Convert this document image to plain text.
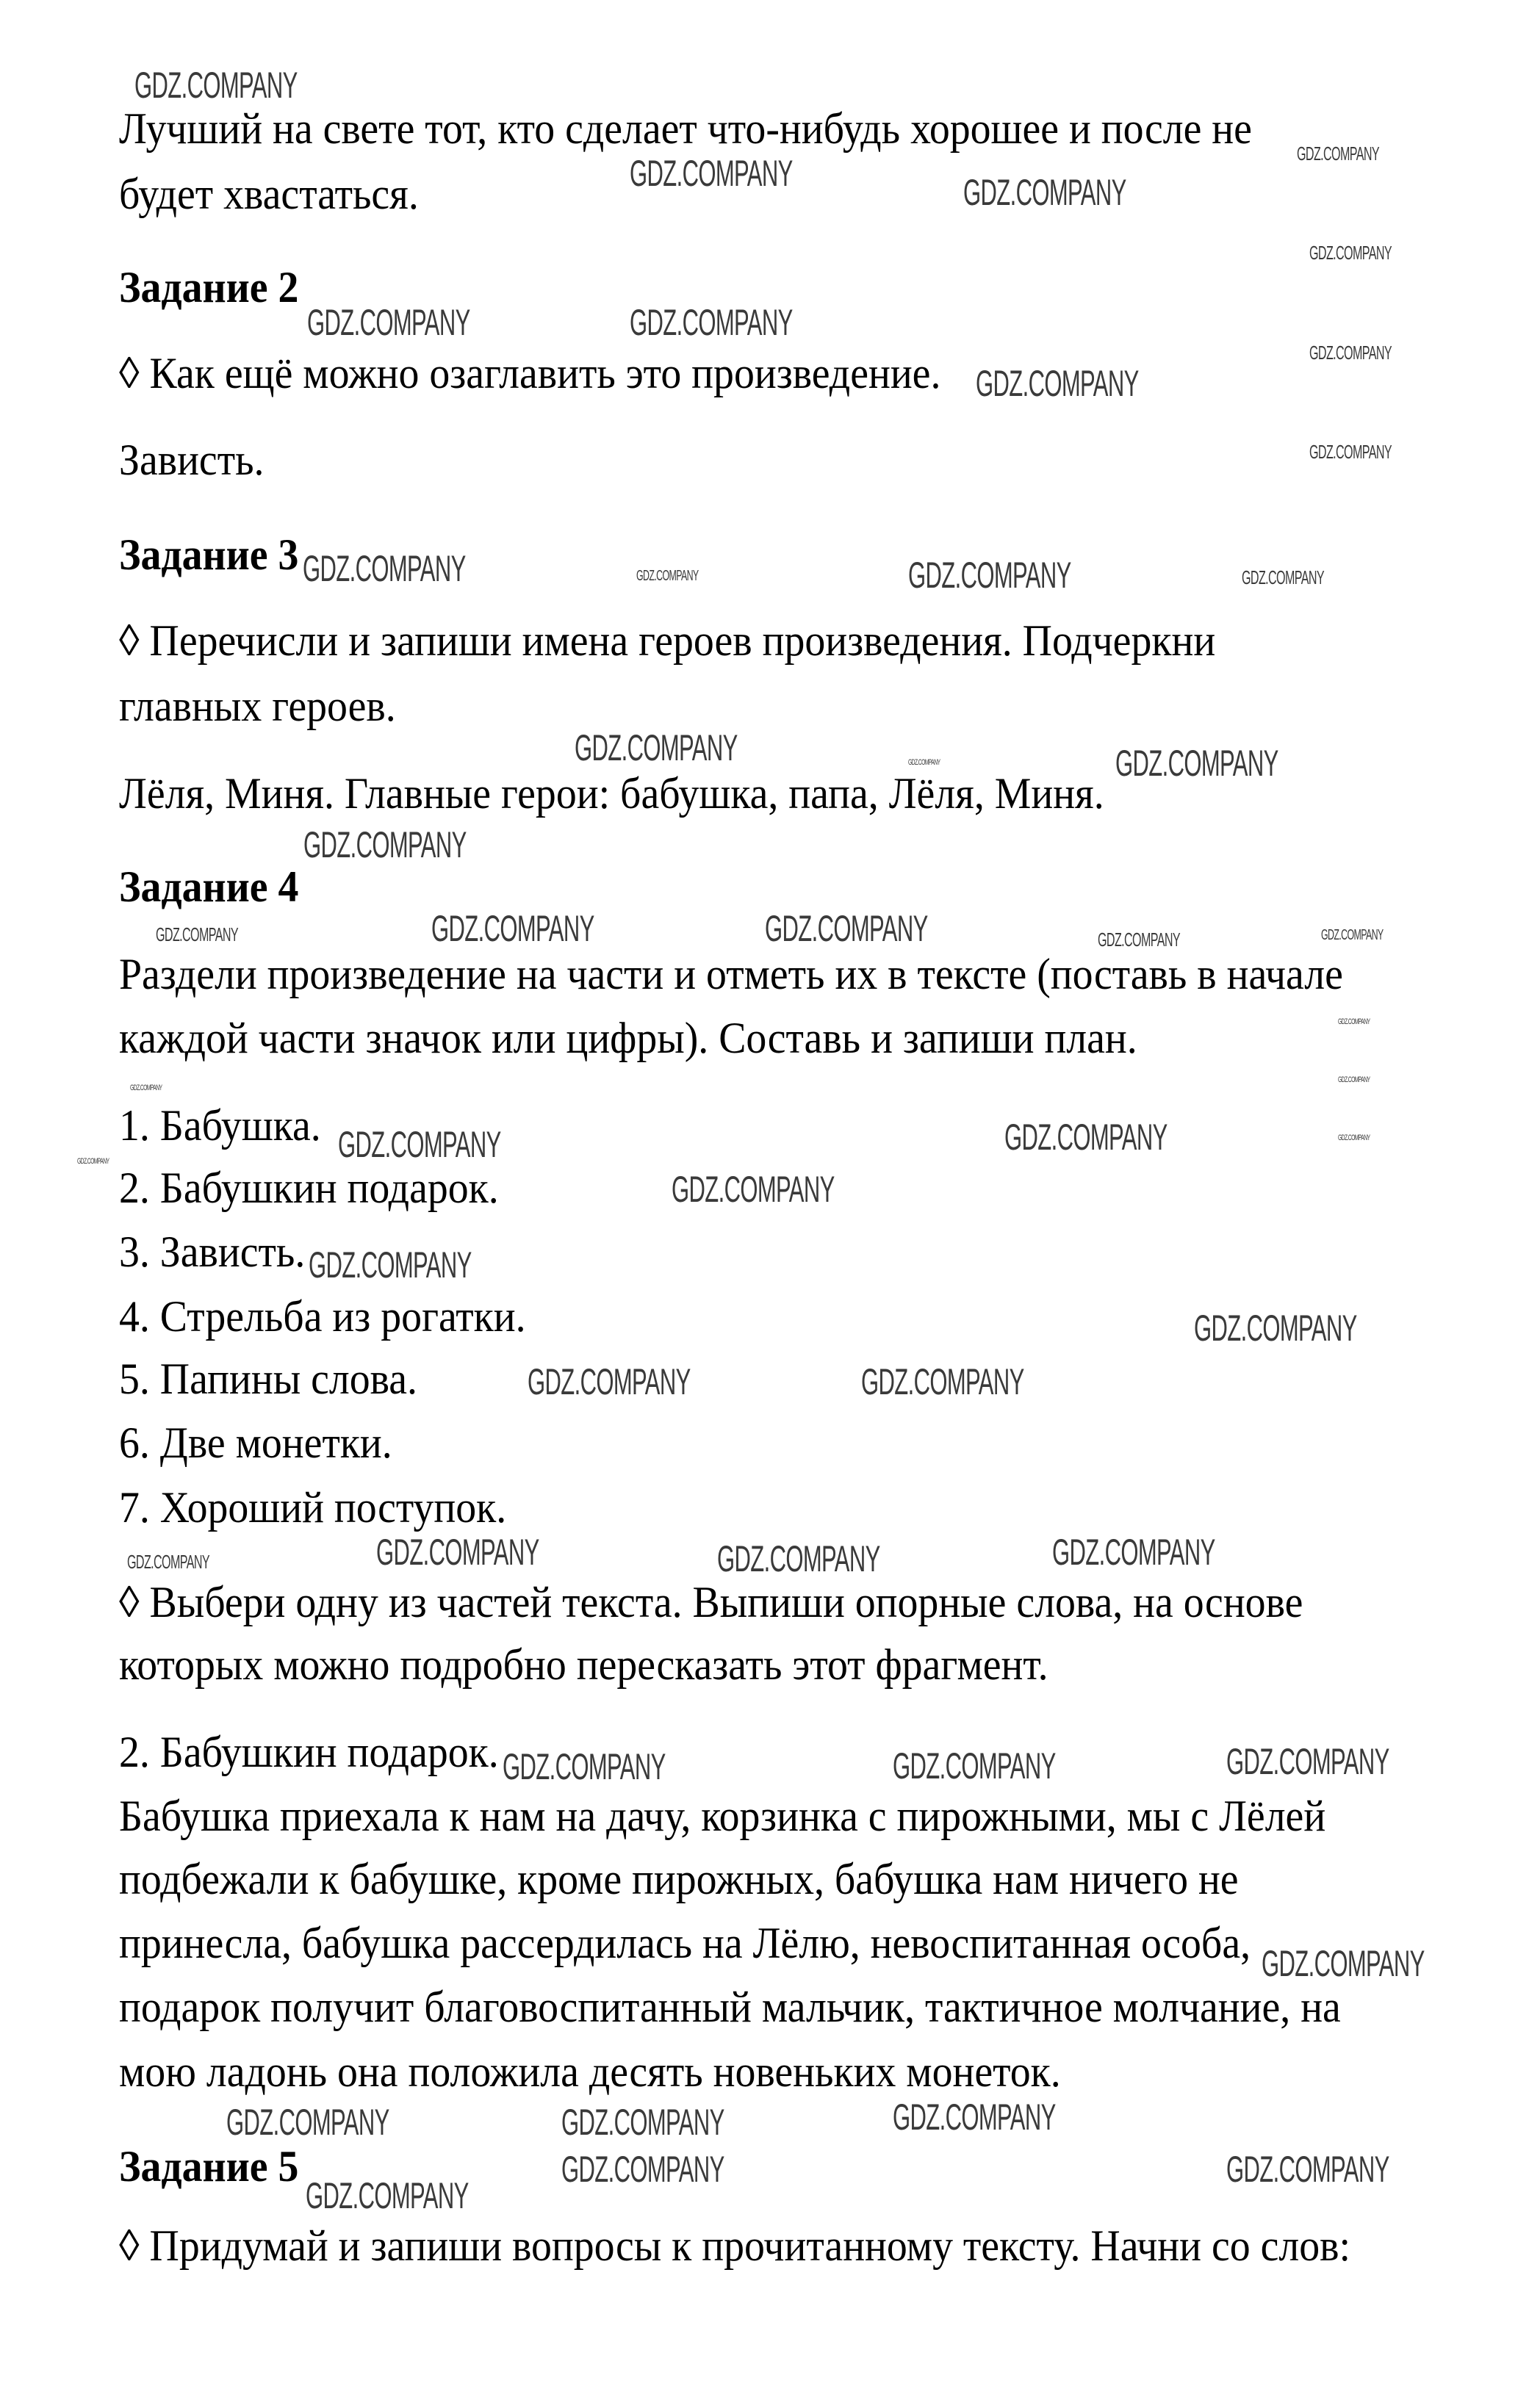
Лучший на свете тот, кто сделает что-нибудь хорошее и после не
будет хвастаться.
Задание 2
◊ Как ещё можно озаглавить это произведение.
Зависть.
Задание 3
◊ Перечисли и запиши имена героев произведения. Подчеркни
главных героев.
Лёля, Миня. Главные герои: бабушка, папа, Лёля, Миня.
Задание 4
Раздели произведение на части и отметь их в тексте (поставь в начале
каждой части значок или цифры). Составь и запиши план.
1. Бабушка.
2. Бабушкин подарок.
3. Зависть.
4. Стрельба из рогатки.
5. Папины слова.
6. Две монетки.
7. Хороший поступок.
◊ Выбери одну из частей текста. Выпиши опорные слова, на основе
которых можно подробно пересказать этот фрагмент.
2. Бабушкин подарок.
Бабушка приехала к нам на дачу, корзинка с пирожными, мы с Лёлей
подбежали к бабушке, кроме пирожных, бабушка нам ничего не
принесла, бабушка рассердилась на Лёлю, невоспитанная особа,
подарок получит благовоспитанный мальчик, тактичное молчание, на
мою ладонь она положила десять новеньких монеток.
Задание 5
◊ Придумай и запиши вопросы к прочитанному тексту. Начни со слов:
GDZ.COMPANY
GDZ.COMPANY	GDZ.COMPANY
GDZ.COMPANY
GDZ.COMPANY
GDZ.COMPANY	GDZ.COMPANY
GDZ.COMPANY
GDZ.COMPANY
GDZ.COMPANY
GDZ.COMPANY	GDZ.COMPANY	GDZ.COMPANY	GDZ.COMPANY
GDZ.COMPANY
GDZ.COMPANY	GDZ.COMPANY	GDZ.COMPANY
GDZ.COMPANY	GDZ.COMPANY	GDZ.COMPANY	GDZ.COMPANY	GDZ.COMPANY
GDZ.COMPANY
GDZ.COMPANY
GDZ.COMPANY
GDZ.COMPANY
GDZ.COMPANY	GDZ.COMPANY
GDZ.COMPANY
GDZ.COMPANY
GDZ.COMPANY
GDZ.COMPANY
GDZ.COMPANY	GDZ.COMPANY
GDZ.COMPANY	GDZ.COMPANY	GDZ.COMPANY
GDZ.COMPANY
GDZ.COMPANY
GDZ.COMPANY	GDZ.COMPANY
GDZ.COMPANY	GDZ.COMPANY
GDZ.COMPANY
GDZ.COMPANY
GDZ.COMPANY	GDZ.COMPANY
GDZ.COMPANY
